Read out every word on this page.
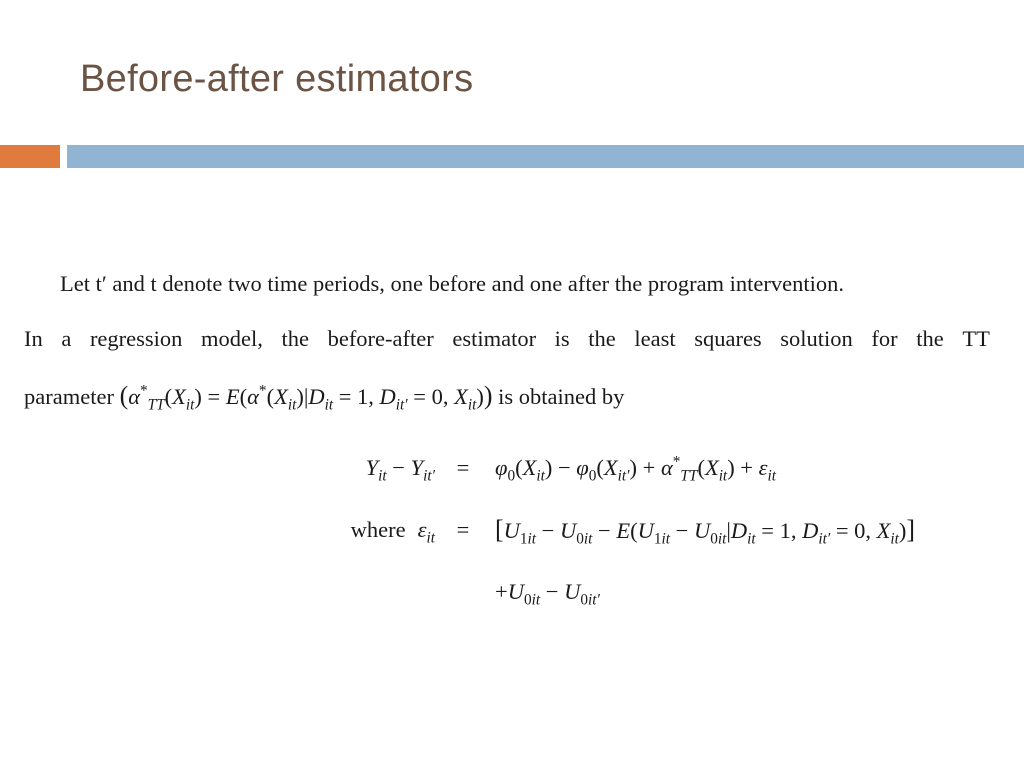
Before-after estimators
Let t′ and t denote two time periods, one before and one after the program intervention.
In a regression model, the before-after estimator is the least squares solution for the TT
parameter ($\alpha^*_{TT}(X_{it}) = E(\alpha^*(X_{it})|D_{it} = 1$, $D_{it'} = 0$, $X_{it}$)) is obtained by
$Y_{it} - Y_{it'} = \varphi_0(X_{it}) - \varphi_0(X_{it'}) + \alpha^*_{TT}(X_{it}) + \varepsilon_{it}$
where $\varepsilon_{it} = [U_{1it} - U_{0it} - E(U_{1it} - U_{0it}|D_{it} = 1$, $D_{it'} = 0$, $X_{it}$)]
$+U_{0it} - U_{0it'}$
